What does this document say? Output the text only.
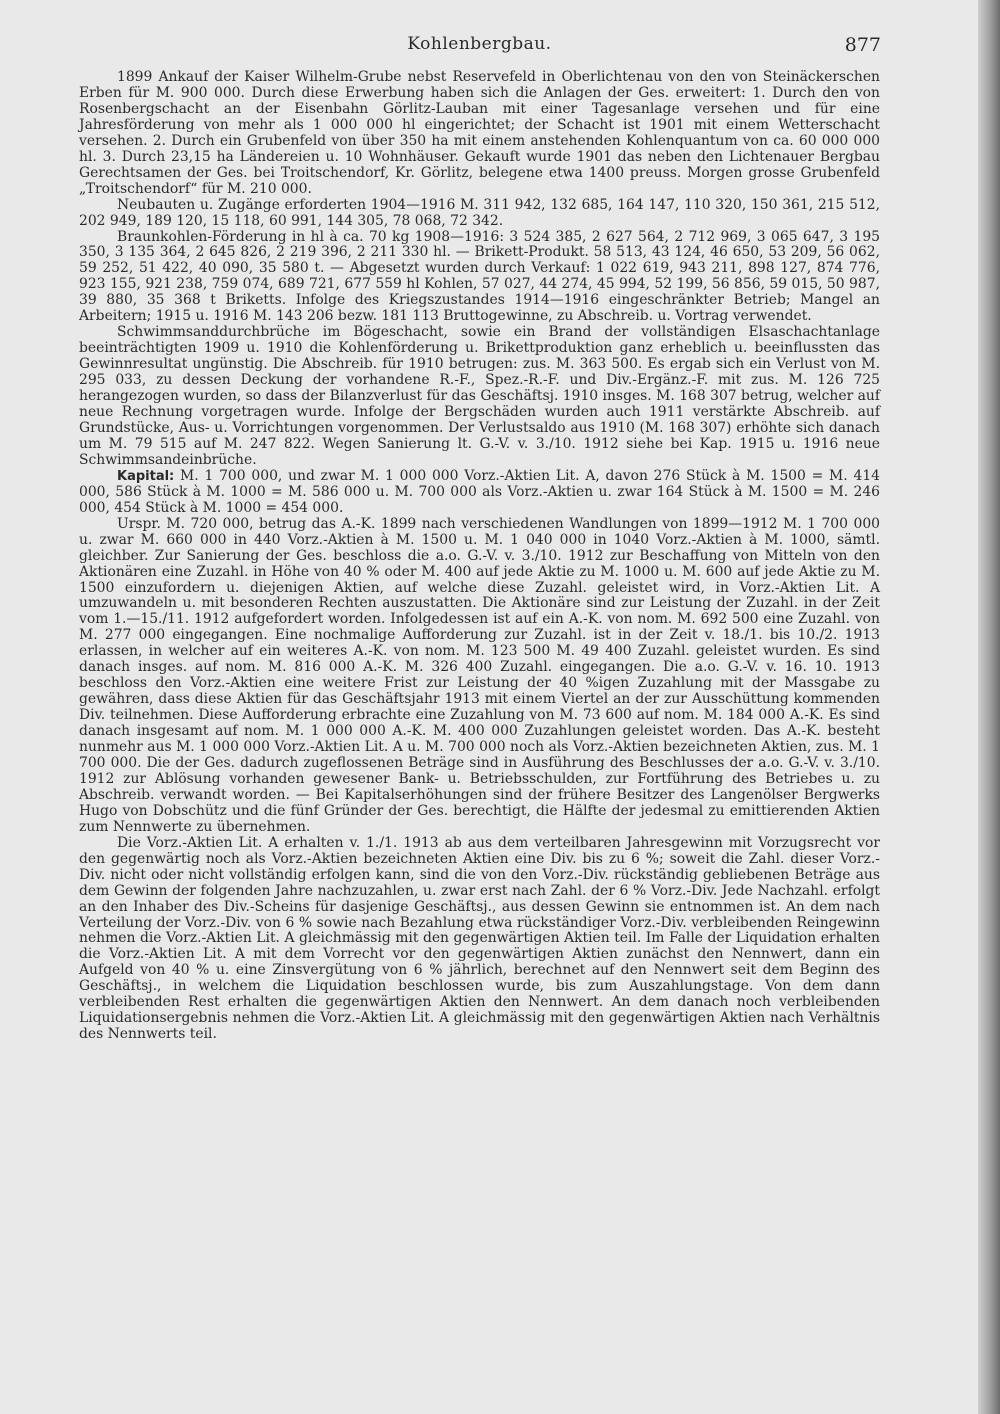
Kohlenbergbau.	877

1899 Ankauf der Kaiser Wilhelm-Grube nebst Reservefeld in Oberlichtenau von den von Steinäckerschen Erben für M. 900 000. Durch diese Erwerbung haben sich die Anlagen der Ges. erweitert: 1. Durch den von Rosenbergschacht an der Eisenbahn Görlitz-Lauban mit einer Tagesanlage versehen und für eine Jahresförderung von mehr als 1 000 000 hl eingerichtet; der Schacht ist 1901 mit einem Wetterschacht versehen. 2. Durch ein Grubenfeld von über 350 ha mit einem anstehenden Kohlenquantum von ca. 60 000 000 hl. 3. Durch 23,15 ha Ländereien u. 10 Wohnhäuser. Gekauft wurde 1901 das neben den Lichtenauer Bergbau Gerechtsamen der Ges. bei Troitschendorf, Kr. Görlitz, belegene etwa 1400 preuss. Morgen grosse Grubenfeld „Troitschendorf“ für M. 210 000.

Neubauten u. Zugänge erforderten 1904—1916 M. 311 942, 132 685, 164 147, 110 320, 150 361, 215 512, 202 949, 189 120, 15 118, 60 991, 144 305, 78 068, 72 342.

Braunkohlen-Förderung in hl à ca. 70 kg 1908—1916: 3 524 385, 2 627 564, 2 712 969, 3 065 647, 3 195 350, 3 135 364, 2 645 826, 2 219 396, 2 211 330 hl. — Brikett-Produkt. 58 513, 43 124, 46 650, 53 209, 56 062, 59 252, 51 422, 40 090, 35 580 t. — Abgesetzt wurden durch Verkauf: 1 022 619, 943 211, 898 127, 874 776, 923 155, 921 238, 759 074, 689 721, 677 559 hl Kohlen, 57 027, 44 274, 45 994, 52 199, 56 856, 59 015, 50 987, 39 880, 35 368 t Briketts. Infolge des Kriegszustandes 1914—1916 eingeschränkter Betrieb; Mangel an Arbeitern; 1915 u. 1916 M. 143 206 bezw. 181 113 Bruttogewinne, zu Abschreib. u. Vortrag verwendet.

Schwimmsanddurchbrüche im Bögeschacht, sowie ein Brand der vollständigen Elsaschachtanlage beeinträchtigten 1909 u. 1910 die Kohlenförderung u. Brikettproduktion ganz erheblich u. beeinflussten das Gewinnresultat ungünstig. Die Abschreib. für 1910 betrugen: zus. M. 363 500. Es ergab sich ein Verlust von M. 295 033, zu dessen Deckung der vorhandene R.-F., Spez.-R.-F. und Div.-Ergänz.-F. mit zus. M. 126 725 herangezogen wurden, so dass der Bilanzverlust für das Geschäftsj. 1910 insges. M. 168 307 betrug, welcher auf neue Rechnung vorgetragen wurde. Infolge der Bergschäden wurden auch 1911 verstärkte Abschreib. auf Grundstücke, Aus- u. Vorrichtungen vorgenommen. Der Verlustsaldo aus 1910 (M. 168 307) erhöhte sich danach um M. 79 515 auf M. 247 822. Wegen Sanierung lt. G.-V. v. 3./10. 1912 siehe bei Kap. 1915 u. 1916 neue Schwimmsandeinbrüche.

Kapital: M. 1 700 000, und zwar M. 1 000 000 Vorz.-Aktien Lit. A, davon 276 Stück à M. 1500 = M. 414 000, 586 Stück à M. 1000 = M. 586 000 u. M. 700 000 als Vorz.-Aktien u. zwar 164 Stück à M. 1500 = M. 246 000, 454 Stück à M. 1000 = 454 000.

Urspr. M. 720 000, betrug das A.-K. 1899 nach verschiedenen Wandlungen von 1899—1912 M. 1 700 000 u. zwar M. 660 000 in 440 Vorz.-Aktien à M. 1500 u. M. 1 040 000 in 1040 Vorz.-Aktien à M. 1000, sämtl. gleichber. Zur Sanierung der Ges. beschloss die a.o. G.-V. v. 3./10. 1912 zur Beschaffung von Mitteln von den Aktionären eine Zuzahl. in Höhe von 40 % oder M. 400 auf jede Aktie zu M. 1000 u. M. 600 auf jede Aktie zu M. 1500 einzufordern u. diejenigen Aktien, auf welche diese Zuzahl. geleistet wird, in Vorz.-Aktien Lit. A umzuwandeln u. mit besonderen Rechten auszustatten. Die Aktionäre sind zur Leistung der Zuzahl. in der Zeit vom 1.—15./11. 1912 aufgefordert worden. Infolgedessen ist auf ein A.-K. von nom. M. 692 500 eine Zuzahl. von M. 277 000 eingegangen. Eine nochmalige Aufforderung zur Zuzahl. ist in der Zeit v. 18./1. bis 10./2. 1913 erlassen, in welcher auf ein weiteres A.-K. von nom. M. 123 500 M. 49 400 Zuzahl. geleistet wurden. Es sind danach insges. auf nom. M. 816 000 A.-K. M. 326 400 Zuzahl. eingegangen. Die a.o. G.-V. v. 16. 10. 1913 beschloss den Vorz.-Aktien eine weitere Frist zur Leistung der 40 %igen Zuzahlung mit der Massgabe zu gewähren, dass diese Aktien für das Geschäftsjahr 1913 mit einem Viertel an der zur Ausschüttung kommenden Div. teilnehmen. Diese Aufforderung erbrachte eine Zuzahlung von M. 73 600 auf nom. M. 184 000 A.-K. Es sind danach insgesamt auf nom. M. 1 000 000 A.-K. M. 400 000 Zuzahlungen geleistet worden. Das A.-K. besteht nunmehr aus M. 1 000 000 Vorz.-Aktien Lit. A u. M. 700 000 noch als Vorz.-Aktien bezeichneten Aktien, zus. M. 1 700 000. Die der Ges. dadurch zugeflossenen Beträge sind in Ausführung des Beschlusses der a.o. G.-V. v. 3./10. 1912 zur Ablösung vorhanden gewesener Bank- u. Betriebsschulden, zur Fortführung des Betriebes u. zu Abschreib. verwandt worden. — Bei Kapitalserhöhungen sind der frühere Besitzer des Langenölser Bergwerks Hugo von Dobschütz und die fünf Gründer der Ges. berechtigt, die Hälfte der jedesmal zu emittierenden Aktien zum Nennwerte zu übernehmen.

Die Vorz.-Aktien Lit. A erhalten v. 1./1. 1913 ab aus dem verteilbaren Jahresgewinn mit Vorzugsrecht vor den gegenwärtig noch als Vorz.-Aktien bezeichneten Aktien eine Div. bis zu 6 %; soweit die Zahl. dieser Vorz.-Div. nicht oder nicht vollständig erfolgen kann, sind die von den Vorz.-Div. rückständig gebliebenen Beträge aus dem Gewinn der folgenden Jahre nachzuzahlen, u. zwar erst nach Zahl. der 6 % Vorz.-Div. Jede Nachzahl. erfolgt an den Inhaber des Div.-Scheins für dasjenige Geschäftsj., aus dessen Gewinn sie entnommen ist. An dem nach Verteilung der Vorz.-Div. von 6 % sowie nach Bezahlung etwa rückständiger Vorz.-Div. verbleibenden Reingewinn nehmen die Vorz.-Aktien Lit. A gleichmässig mit den gegenwärtigen Aktien teil. Im Falle der Liquidation erhalten die Vorz.-Aktien Lit. A mit dem Vorrecht vor den gegenwärtigen Aktien zunächst den Nennwert, dann ein Aufgeld von 40 % u. eine Zinsvergütung von 6 % jährlich, berechnet auf den Nennwert seit dem Beginn des Geschäftsj., in welchem die Liquidation beschlossen wurde, bis zum Auszahlungstage. Von dem dann verbleibenden Rest erhalten die gegenwärtigen Aktien den Nennwert. An dem danach noch verbleibenden Liquidationsergebnis nehmen die Vorz.-Aktien Lit. A gleichmässig mit den gegenwärtigen Aktien nach Verhältnis des Nennwerts teil.
